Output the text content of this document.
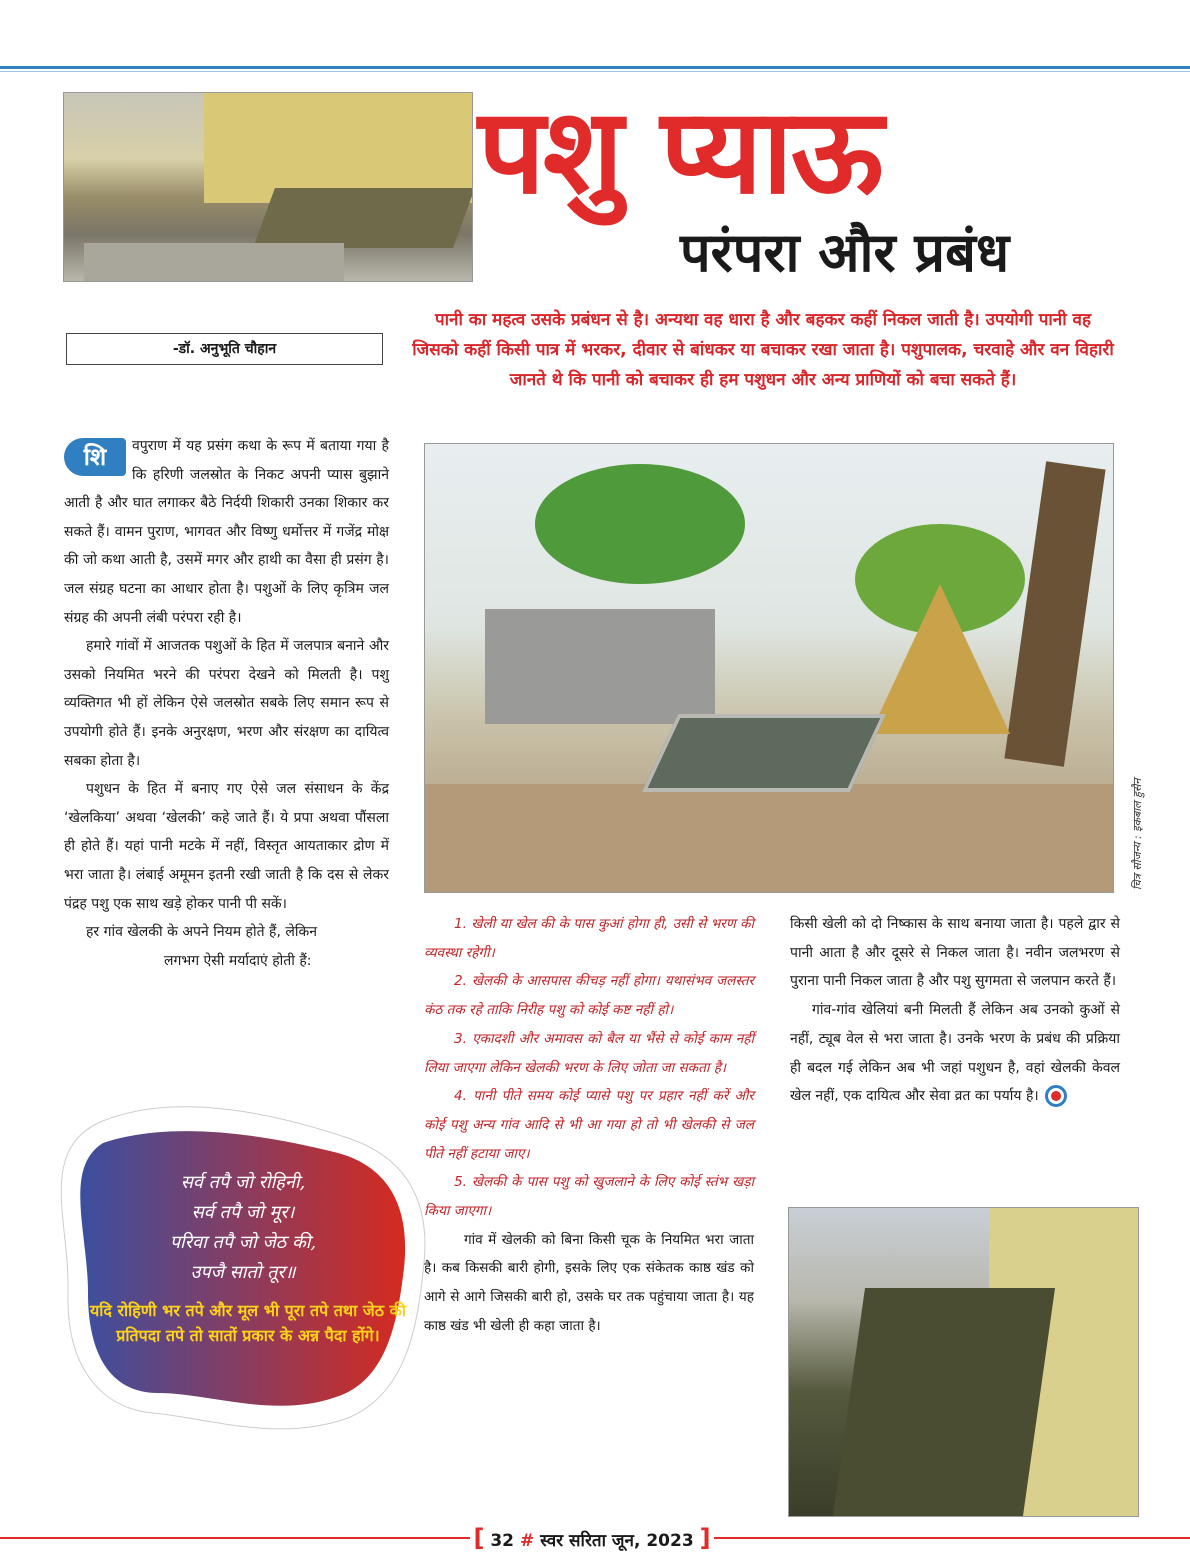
पशु प्याऊ
परंपरा और प्रबंध
पानी का महत्व उसके प्रबंधन से है। अन्यथा वह धारा है और बहकर कहीं निकल जाती है। उपयोगी पानी वह जिसको कहीं किसी पात्र में भरकर, दीवार से बांधकर या बचाकर रखा जाता है। पशुपालक, चरवाहे और वन विहारी जानते थे कि पानी को बचाकर ही हम पशुधन और अन्य प्राणियों को बचा सकते हैं।
-डॉ. अनुभूति चौहान
चित्र सौजन्य : इकबाल हुसैन

शि	वपुराण में यह प्रसंग कथा के रूप में बताया गया है कि हरिणी जलस्रोत के निकट अपनी प्यास बुझाने आती है और घात लगाकर बैठे निर्दयी शिकारी उनका शिकार कर सकते हैं। वामन पुराण, भागवत और विष्णु धर्मोत्तर में गजेंद्र मोक्ष की जो कथा आती है, उसमें मगर और हाथी का वैसा ही प्रसंग है। जल संग्रह घटना का आधार होता है। पशुओं के लिए कृत्रिम जल संग्रह की अपनी लंबी परंपरा रही है।

हमारे गांवों में आजतक पशुओं के हित में जलपात्र बनाने और उसको नियमित भरने की परंपरा देखने को मिलती है। पशु व्यक्तिगत भी हों लेकिन ऐसे जलस्रोत सबके लिए समान रूप से उपयोगी होते हैं। इनके अनुरक्षण, भरण और संरक्षण का दायित्व सबका होता है।

पशुधन के हित में बनाए गए ऐसे जल संसाधन के केंद्र ‘खेलकिया’ अथवा ‘खेलकी’ कहे जाते हैं। ये प्रपा अथवा पौंसला ही होते हैं। यहां पानी मटके में नहीं, विस्तृत आयताकार द्रोण में भरा जाता है। लंबाई अमूमन इतनी रखी जाती है कि दस से लेकर पंद्रह पशु एक साथ खड़े होकर पानी पी सकें।

हर गांव खेलकी के अपने नियम होते हैं, लेकिन

लगभग ऐसी मर्यादाएं होती हैं:

सर्व तपै जो रोहिनी,
सर्व तपै जो मूर।
परिवा तपै जो जेठ की,
उपजै सातो तूर॥
यदि रोहिणी भर तपे और मूल भी पूरा तपे तथा जेठ की प्रतिपदा तपे तो सातों प्रकार के अन्न पैदा होंगे।

1. खेली या खेल की के पास कुआं होगा ही, उसी से भरण की व्यवस्था रहेगी।

2. खेलकी के आसपास कीचड़ नहीं होगा। यथासंभव जलस्तर कंठ तक रहे ताकि निरीह पशु को कोई कष्ट नहीं हो।

3. एकादशी और अमावस को बैल या भैंसे से कोई काम नहीं लिया जाएगा लेकिन खेलकी भरण के लिए जोता जा सकता है।

4. पानी पीते समय कोई प्यासे पशु पर प्रहार नहीं करें और कोई पशु अन्य गांव आदि से भी आ गया हो तो भी खेलकी से जल पीते नहीं हटाया जाए।

5. खेलकी के पास पशु को खुजलाने के लिए कोई स्तंभ खड़ा किया जाएगा।

गांव में खेलकी को बिना किसी चूक के नियमित भरा जाता है। कब किसकी बारी होगी, इसके लिए एक संकेतक काष्ठ खंड को आगे से आगे जिसकी बारी हो, उसके घर तक पहुंचाया जाता है। यह काष्ठ खंड भी खेली ही कहा जाता है।

किसी खेली को दो निष्कास के साथ बनाया जाता है। पहले द्वार से पानी आता है और दूसरे से निकल जाता है। नवीन जलभरण से पुराना पानी निकल जाता है और पशु सुगमता से जलपान करते हैं।

गांव-गांव खेलियां बनी मिलती हैं लेकिन अब उनको कुओं से नहीं, ट्यूब वेल से भरा जाता है। उनके भरण के प्रबंध की प्रक्रिया ही बदल गई लेकिन अब भी जहां पशुधन है, वहां खेलकी केवल खेल नहीं, एक दायित्व और सेवा व्रत का पर्याय है।

[ 32 # स्वर सरिता जून, 2023 ]
